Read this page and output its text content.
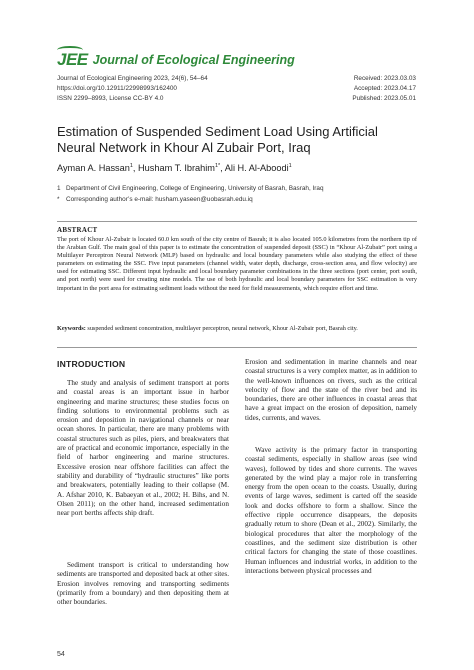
JEE Journal of Ecological Engineering
Journal of Ecological Engineering 2023, 24(6), 54–64
https://doi.org/10.12911/22998993/162400
ISSN 2299–8993, License CC-BY 4.0
Received: 2023.03.03
Accepted: 2023.04.17
Published: 2023.05.01
Estimation of Suspended Sediment Load Using Artificial Neural Network in Khour Al Zubair Port, Iraq
Ayman A. Hassan$^1$, Husham T. Ibrahim$^{1*}$, Ali H. Al-Aboodi$^1$
1 Department of Civil Engineering, College of Engineering, University of Basrah, Basrah, Iraq
* Corresponding author’s e-mail: husham.yaseen@uobasrah.edu.iq
ABSTRACT
The port of Khour Al-Zubair is located 60.0 km south of the city centre of Basrah; it is also located 105.0 kilometres from the northern tip of the Arabian Gulf. The main goal of this paper is to estimate the concentration of suspended deposit (SSC) in “Khour Al-Zubair” port using a Multilayer Perceptron Neural Network (MLP) based on hydraulic and local boundary parameters while also studying the effect of these parameters on estimating the SSC. Five input parameters (channel width, water depth, discharge, cross-section area, and flow velocity) are used for estimating SSC. Different input hydraulic and local boundary parameter combinations in the three sections (port center, port south, and port north) were used for creating nine models. The use of both hydraulic and local boundary parameters for SSC estimation is very important in the port area for estimating sediment loads without the need for field measurements, which require effort and time.
Keywords: suspended sediment concentration, multilayer perceptron, neural network, Khour Al-Zubair port, Basrah city.
INTRODUCTION

The study and analysis of sediment transport at ports and coastal areas is an important issue in harbor engineering and marine structures; these studies focus on finding solutions to environmental problems such as erosion and deposition in navigational channels or near ocean shores. In particular, there are many problems with coastal structures such as piles, piers, and breakwaters that are of practical and economic importance, especially in the field of harbor engineering and marine structures. Excessive erosion near offshore facilities can affect the stability and durability of “hydraulic structures” like ports and breakwaters, potentially leading to their collapse (M. A. Afshar 2010, K. Babaeyan et al., 2002; H. Bihs, and N. Olsen 2011); on the other hand, increased sedimentation near port berths affects ship draft.

Sediment transport is critical to understanding how sediments are transported and deposited back at other sites. Erosion involves removing and transporting sediments (primarily from a boundary) and then depositing them at other boundaries.

Erosion and sedimentation in marine channels and near coastal structures is a very complex matter, as in addition to the well-known influences on rivers, such as the critical velocity of flow and the state of the river bed and its boundaries, there are other influences in coastal areas that have a great impact on the erosion of deposition, namely tides, currents, and waves.

Wave activity is the primary factor in transporting coastal sediments, especially in shallow areas (see wind waves), followed by tides and shore currents. The waves generated by the wind play a major role in transferring energy from the open ocean to the coasts. Usually, during events of large waves, sediment is carted off the seaside look and docks offshore to form a shallow. Since the effective ripple occurrence disappears, the deposits gradually return to shore (Dean et al., 2002). Similarly, the biological procedures that alter the morphology of the coastlines, and the sediment size distribution is other critical factors for changing the state of those coastlines. Human influences and industrial works, in addition to the interactions between physical processes and

54
